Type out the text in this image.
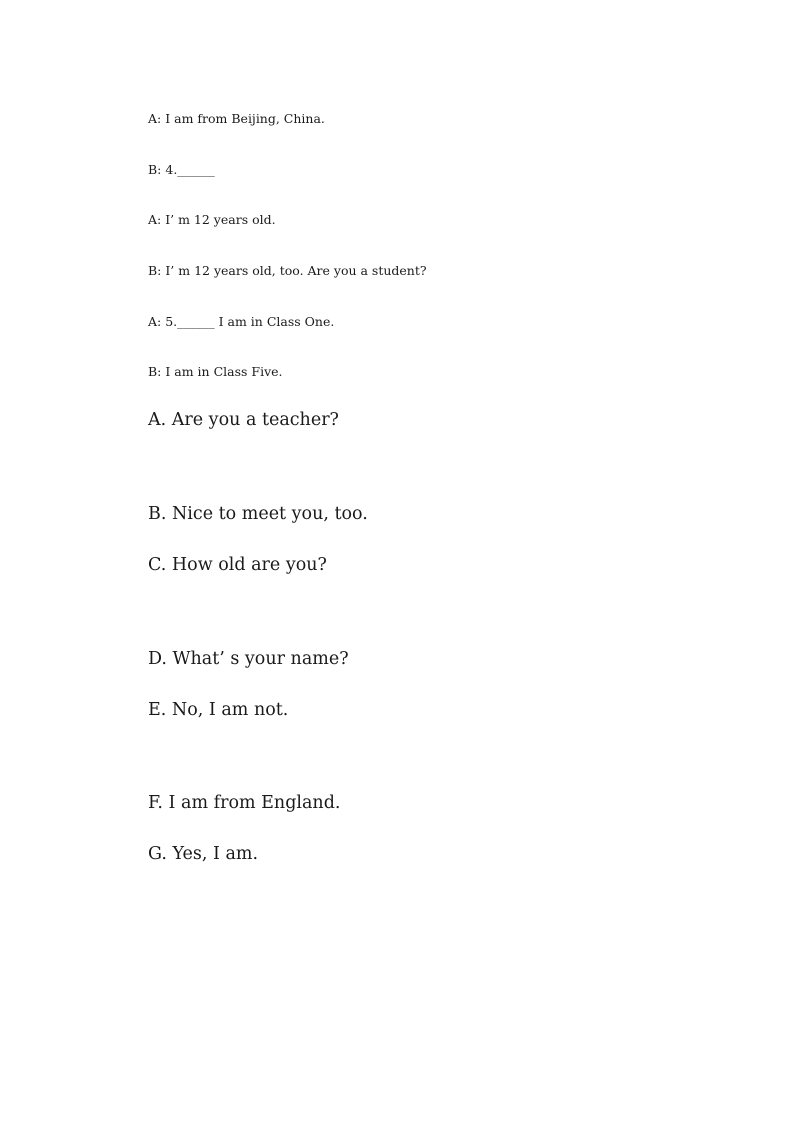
A: I am from Beijing, China.
B: 4.______
A: I’ m 12 years old.
B: I’ m 12 years old, too. Are you a student?
A: 5.______ I am in Class One.
B: I am in Class Five.
A. Are you a teacher?
B. Nice to meet you, too.
C. How old are you?
D. What’ s your name?
E. No, I am not.
F. I am from England.
G. Yes, I am.
